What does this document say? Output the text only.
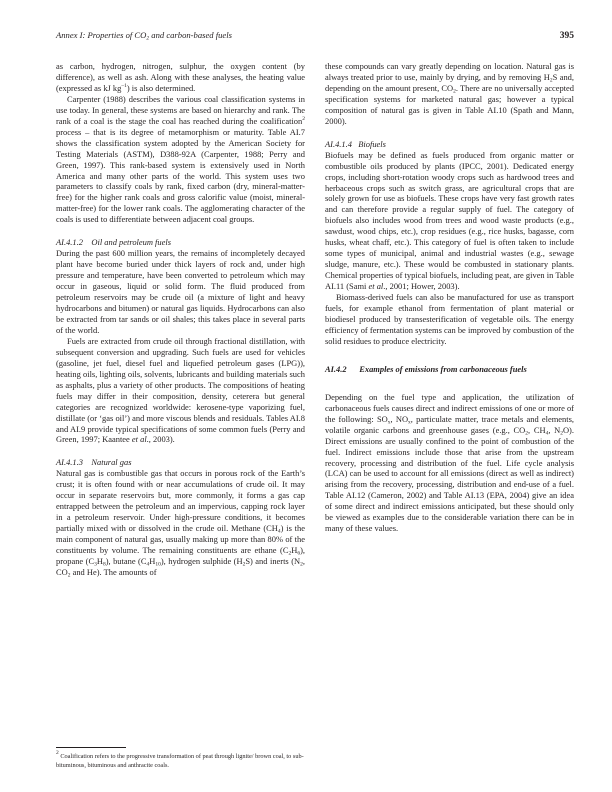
Annex I: Properties of $CO_2$ and carbon-based fuels	395

as carbon, hydrogen, nitrogen, sulphur, the oxygen content (by difference), as well as ash. Along with these analyses, the heating value (expressed as kJ $kg^{-1}$) is also determined.

Carpenter (1988) describes the various coal classification systems in use today. In general, these systems are based on hierarchy and rank. The rank of a coal is the stage the coal has reached during the coalification$^2$ process – that is its degree of metamorphism or maturity. Table AI.7 shows the classification system adopted by the American Society for Testing Materials (ASTM), D388-92A (Carpenter, 1988; Perry and Green, 1997). This rank-based system is extensively used in North America and many other parts of the world. This system uses two parameters to classify coals by rank, fixed carbon (dry, mineral-matter-free) for the higher rank coals and gross calorific value (moist, mineral-matter-free) for the lower rank coals. The agglomerating character of the coals is used to differentiate between adjacent coal groups.

AI.4.1.2    Oil and petroleum fuels

During the past 600 million years, the remains of incompletely decayed plant have become buried under thick layers of rock and, under high pressure and temperature, have been converted to petroleum which may occur in gaseous, liquid or solid form. The fluid produced from petroleum reservoirs may be crude oil (a mixture of light and heavy hydrocarbons and bitumen) or natural gas liquids. Hydrocarbons can also be extracted from tar sands or oil shales; this takes place in several parts of the world.

Fuels are extracted from crude oil through fractional distillation, with subsequent conversion and upgrading. Such fuels are used for vehicles (gasoline, jet fuel, diesel fuel and liquefied petroleum gases (LPG)), heating oils, lighting oils, solvents, lubricants and building materials such as asphalts, plus a variety of other products. The compositions of heating fuels may differ in their composition, density, ceterera but general categories are recognized worldwide: kerosene-type vaporizing fuel, distillate (or ‘gas oil’) and more viscous blends and residuals. Tables AI.8 and AI.9 provide typical specifications of some common fuels (Perry and Green, 1997; Kaantee et al., 2003).

AI.4.1.3    Natural gas

Natural gas is combustible gas that occurs in porous rock of the Earth’s crust; it is often found with or near accumulations of crude oil. It may occur in separate reservoirs but, more commonly, it forms a gas cap entrapped between the petroleum and an impervious, capping rock layer in a petroleum reservoir. Under high-pressure conditions, it becomes partially mixed with or dissolved in the crude oil. Methane $(CH_4)$ is the main component of natural gas, usually making up more than 80% of the constituents by volume. The remaining constituents are ethane $(C_2H_6)$, propane $(C_3H_8)$, butane $(C_4H_{10})$, hydrogen sulphide $(H_2S)$ and inerts ($N_2$, $CO_2$ and He). The amounts of

these compounds can vary greatly depending on location. Natural gas is always treated prior to use, mainly by drying, and by removing $H_2S$ and, depending on the amount present, $CO_2$. There are no universally accepted specification systems for marketed natural gas; however a typical composition of natural gas is given in Table AI.10 (Spath and Mann, 2000).

AI.4.1.4   Biofuels

Biofuels may be defined as fuels produced from organic matter or combustible oils produced by plants (IPCC, 2001). Dedicated energy crops, including short-rotation woody crops such as hardwood trees and herbaceous crops such as switch grass, are agricultural crops that are solely grown for use as biofuels. These crops have very fast growth rates and can therefore provide a regular supply of fuel. The category of biofuels also includes wood from trees and wood waste products (e.g., sawdust, wood chips, etc.), crop residues (e.g., rice husks, bagasse, corn husks, wheat chaff, etc.). This category of fuel is often taken to include some types of municipal, animal and industrial wastes (e.g., sewage sludge, manure, etc.). These would be combusted in stationary plants. Chemical properties of typical biofuels, including peat, are given in Table AI.11 (Sami et al., 2001; Hower, 2003).

Biomass-derived fuels can also be manufactured for use as transport fuels, for example ethanol from fermentation of plant material or biodiesel produced by transesterification of vegetable oils. The energy efficiency of fermentation systems can be improved by combustion of the solid residues to produce electricity.

AI.4.2      Examples of emissions from carbonaceous fuels

Depending on the fuel type and application, the utilization of carbonaceous fuels causes direct and indirect emissions of one or more of the following: $SO_x$, $NO_x$, particulate matter, trace metals and elements, volatile organic carbons and greenhouse gases (e.g., $CO_2$, $CH_4$, $N_2O$). Direct emissions are usually confined to the point of combustion of the fuel. Indirect emissions include those that arise from the upstream recovery, processing and distribution of the fuel. Life cycle analysis (LCA) can be used to account for all emissions (direct as well as indirect) arising from the recovery, processing, distribution and end-use of a fuel. Table AI.12 (Cameron, 2002) and Table AI.13 (EPA, 2004) give an idea of some direct and indirect emissions anticipated, but these should only be viewed as examples due to the considerable variation there can be in many of these values.

$^2$ Coalification refers to the progressive transformation of peat through lignite/ brown coal, to sub-bituminous, bituminous and anthracite coals.
